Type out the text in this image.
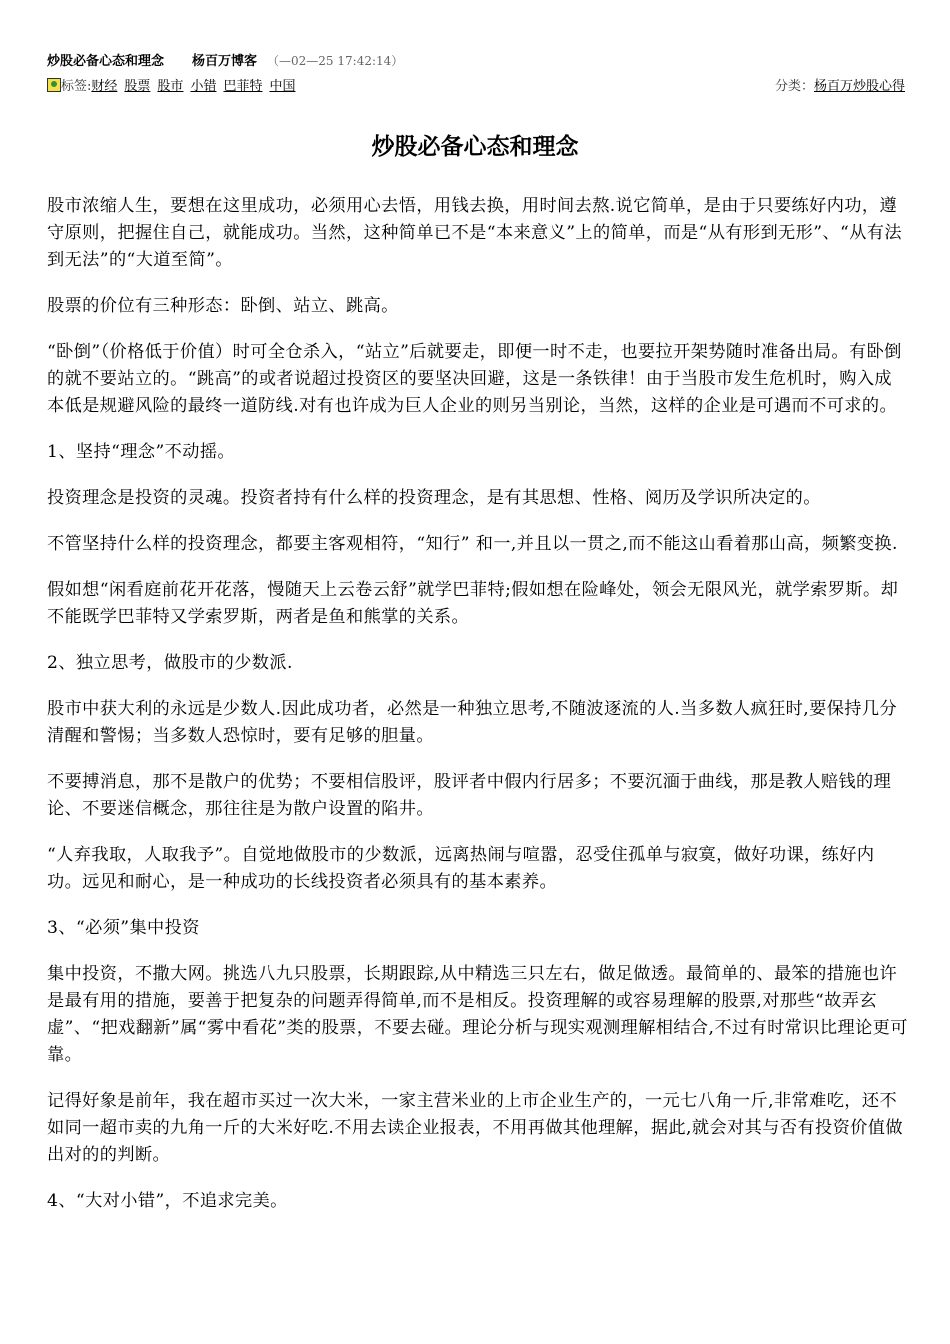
炒股必备心态和理念 杨百万博客 （—02—25 17:42:14）
标签:财经 股票 股市 小错 巴菲特 中国	分类：杨百万炒股心得
炒股必备心态和理念

股市浓缩人生，要想在这里成功，必须用心去悟，用钱去换，用时间去熬.说它简单，是由于只要练好内功，遵守原则，把握住自己，就能成功。当然，这种简单已不是“本来意义”上的简单，而是“从有形到无形”、“从有法到无法”的“大道至简”。

股票的价位有三种形态：卧倒、站立、跳高。

“卧倒”（价格低于价值）时可全仓杀入，“站立”后就要走，即便一时不走，也要拉开架势随时准备出局。有卧倒的就不要站立的。“跳高”的或者说超过投资区的要坚决回避，这是一条铁律！由于当股市发生危机时，购入成本低是规避风险的最终一道防线.对有也许成为巨人企业的则另当别论，当然，这样的企业是可遇而不可求的。

1、坚持“理念”不动摇。

投资理念是投资的灵魂。投资者持有什么样的投资理念，是有其思想、性格、阅历及学识所决定的。

不管坚持什么样的投资理念，都要主客观相符，“知行” 和一,并且以一贯之,而不能这山看着那山高，频繁变换.

假如想“闲看庭前花开花落，慢随天上云卷云舒”就学巴菲特;假如想在险峰处，领会无限风光，就学索罗斯。却不能既学巴菲特又学索罗斯，两者是鱼和熊掌的关系。

2、独立思考，做股市的少数派.

股市中获大利的永远是少数人.因此成功者，必然是一种独立思考,不随波逐流的人.当多数人疯狂时,要保持几分清醒和警惕；当多数人恐惊时，要有足够的胆量。

不要搏消息，那不是散户的优势；不要相信股评，股评者中假内行居多；不要沉湎于曲线，那是教人赔钱的理论、不要迷信概念，那往往是为散户设置的陷井。

“人弃我取，人取我予”。自觉地做股市的少数派，远离热闹与喧嚣，忍受住孤单与寂寞，做好功课，练好内功。远见和耐心，是一种成功的长线投资者必须具有的基本素养。

3、“必须”集中投资

集中投资，不撒大网。挑选八九只股票，长期跟踪,从中精选三只左右，做足做透。最简单的、最笨的措施也许是最有用的措施，要善于把复杂的问题弄得简单,而不是相反。投资理解的或容易理解的股票,对那些“故弄玄虚”、“把戏翻新”属“雾中看花”类的股票，不要去碰。理论分析与现实观测理解相结合,不过有时常识比理论更可靠。

记得好象是前年，我在超市买过一次大米，一家主营米业的上市企业生产的，一元七八角一斤,非常难吃，还不如同一超市卖的九角一斤的大米好吃.不用去读企业报表，不用再做其他理解，据此,就会对其与否有投资价值做出对的的判断。

4、“大对小错”，不追求完美。
